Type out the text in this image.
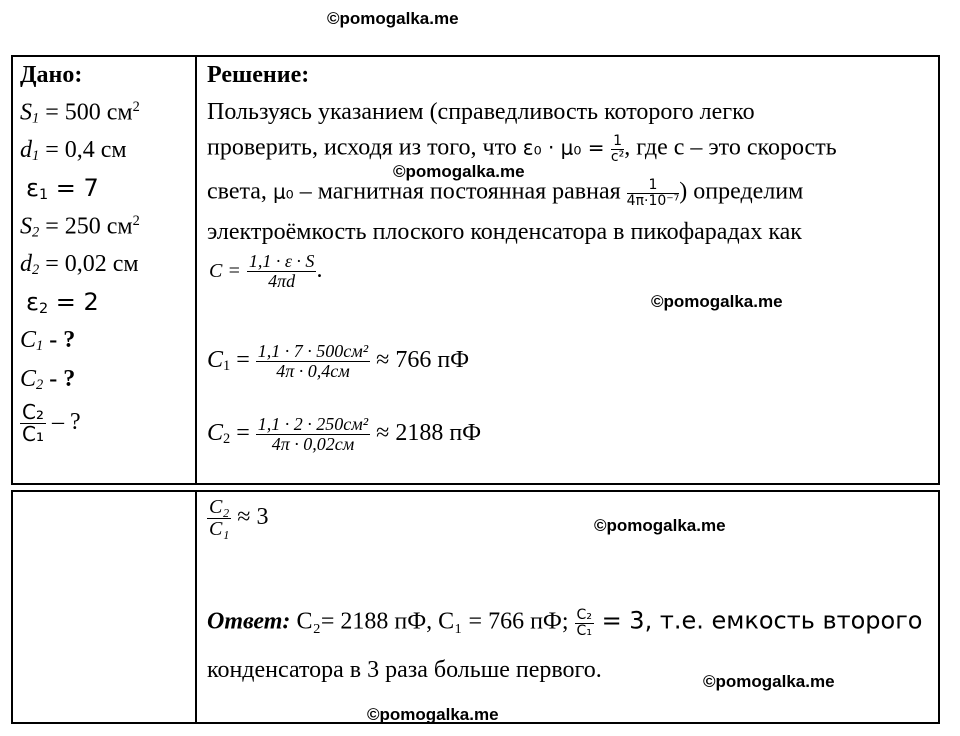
©pomogalka.me
©pomogalka.me
©pomogalka.me
©pomogalka.me
©pomogalka.me
©pomogalka.me
Дано:
$S_1 = 500$ $см^2$
$d_1 = 0,4$ см
$\varepsilon_1 = 7$
$S_2 = 250$ $см^2$
$d_2 = 0,02$ см
$\varepsilon_2 = 2$
$C_1$ - ?
$C_2$ - ?
$\frac{\text{C₂}}{\text{C₁}}$ – ?
Решение:
Пользуясь указанием (справедливость которого легко
проверить, исходя из того, что $\varepsilon_0 \cdot \mu_0 = \frac{1}{\text{c²}}$ , где c – это скорость
света, μ₀ – магнитная постоянная равная $\frac{1}{\text{4π·10⁻⁷}}$ ) определим
электроёмкость плоского конденсатора в пикофарадах как
$C = \frac{1,1 \cdot \varepsilon \cdot S}{4\pi d}$ .
$C_1 = \frac{\text{1,1 · 7 · 500см²}}{4\pi \cdot 0,4см} \approx 766$ пФ
$C_2 = \frac{\text{1,1 · 2 · 250см²}}{4\pi \cdot 0,02см} \approx 2188$ пФ
$\frac{\text{C₂}}{\text{C₁}} \approx 3$
Ответ: C₂= 2188 пФ, C₁ = 766 пФ; $\frac{\text{C₂}}{\text{C₁}} = 3$, т.е. емкость второго
конденсатора в 3 раза больше первого.
